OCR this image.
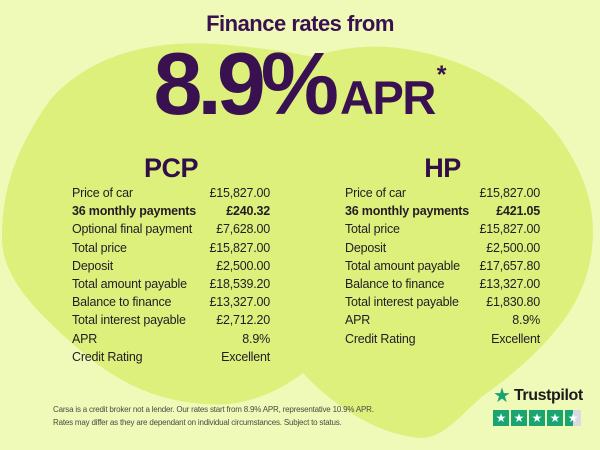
Finance rates from
8.9% APR *
PCP
Price of car	£15,827.00
36 monthly payments £240.32
Optional final payment £7,628.00
Total price	£15,827.00
Deposit	£2,500.00
Total amount payable £18,539.20
Balance to finance	£13,327.00
Total interest payable £2,712.20
APR	8.9%
Credit Rating	Excellent
HP
Price of car	£15,827.00
36 monthly payments £421.05
Total price	£15,827.00
Deposit	£2,500.00
Total amount payable £17,657.80
Balance to finance	£13,327.00
Total interest payable £1,830.80
APR	8.9%
Credit Rating	Excellent
Carsa is a credit broker not a lender. Our rates start from 8.9% APR, representative 10.9% APR.
Rates may differ as they are dependant on individual circumstances. Subject to status.
★ Trustpilot
★ ★ ★ ★ ★
